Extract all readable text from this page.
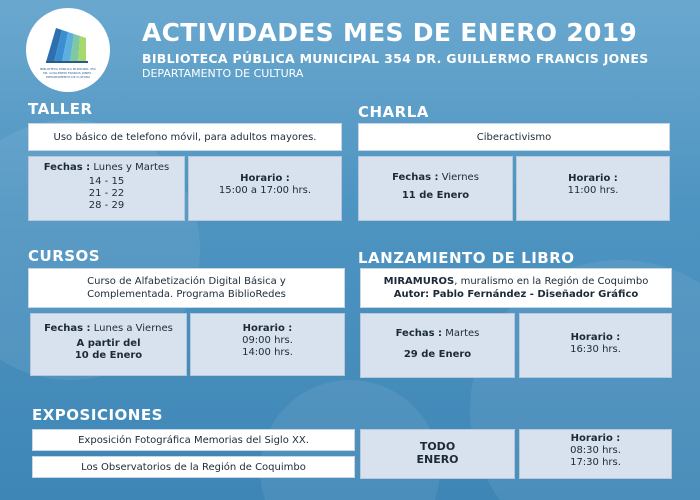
BIBLIOTECA PÚBLICA MUNICIPAL 354 DR. GUILLERMO FRANCIS JONES · DEPARTAMENTO DE CULTURA
ACTIVIDADES MES DE ENERO 2019
BIBLIOTECA PÚBLICA MUNICIPAL 354 DR. GUILLERMO FRANCIS JONES
DEPARTAMENTO DE CULTURA
TALLER
Uso básico de telefono móvil, para adultos mayores.
Fechas : Lunes y Martes
14 - 15
21 - 22
28 - 29
Horario :
15:00 a 17:00 hrs.
CHARLA
Ciberactivismo
Fechas : Viernes
11 de Enero
Horario :
11:00 hrs.
CURSOS
Curso de Alfabetización Digital Básica y
Complementada. Programa BiblioRedes
Fechas : Lunes a Viernes
A partir del
10 de Enero
Horario :
09:00 hrs.
14:00 hrs.
LANZAMIENTO DE LIBRO
MIRAMUROS, muralismo en la Región de Coquimbo
Autor: Pablo Fernández - Diseñador Gráfico
Fechas : Martes
29 de Enero
Horario :
16:30 hrs.
EXPOSICIONES
Exposición Fotográfica Memorias del Siglo XX.
Los Observatorios de la Región de Coquimbo
TODO
ENERO
Horario :
08:30 hrs.
17:30 hrs.
